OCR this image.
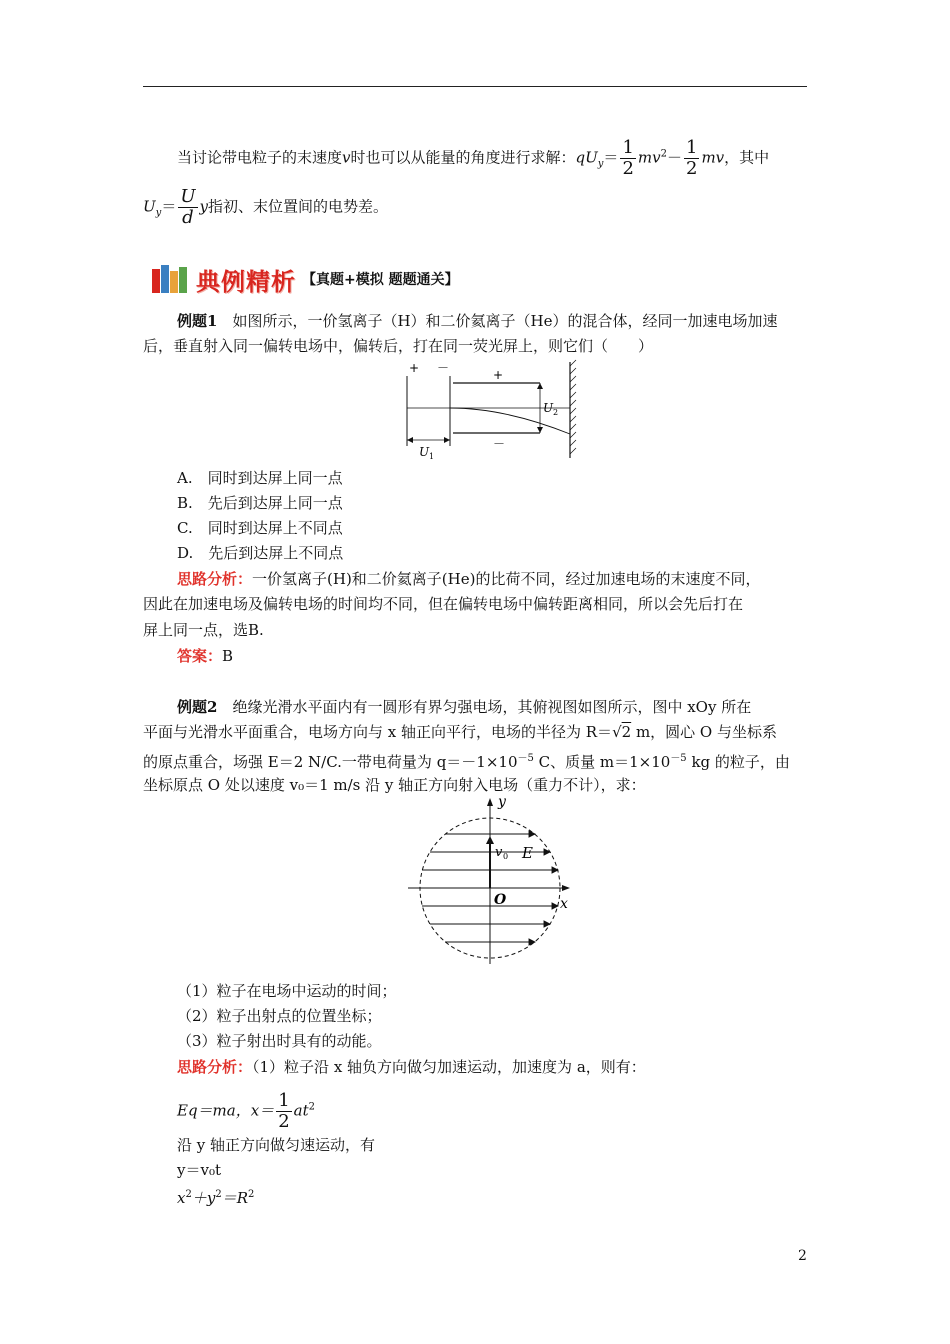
当讨论带电粒子的末速度v时也可以从能量的角度进行求解：$qU_y= \frac{1}{2} mv^2- \frac{1}{2}$ mv，其中
$U_y= \frac{U}{d}$ y指初、末位置间的电势差。
典例精析 【真题+模拟 题题通关】
例题1　 如图所示，一价氢离子（H）和二价氦离子（He）的混合体，经同一加速电场加速
后，垂直射入同一偏转电场中，偏转后，打在同一荧光屏上，则它们（　　）
+ －	+
－
U 2
U 1
A.　同时到达屏上同一点
B.　先后到达屏上同一点
C.　同时到达屏上不同点
D.　先后到达屏上不同点
思路分析：一价氢离子(H)和二价氦离子(He)的比荷不同，经过加速电场的末速度不同，
因此在加速电场及偏转电场的时间均不同，但在偏转电场中偏转距离相同，所以会先后打在
屏上同一点，选B.
答案：B
例题2　 绝缘光滑水平面内有一圆形有界匀强电场，其俯视图如图所示，图中 xOy 所在
平面与光滑水平面重合，电场方向与 x 轴正向平行，电场的半径为 R＝√2 m，圆心 O 与坐标系
的原点重合，场强 E＝2 N/C.一带电荷量为 $q=-1\times 10^{-5}$ C、质量 $m=1\times 10^{-5}$ kg 的粒子，由
坐标原点 O 处以速度 v₀＝1 m/s 沿 y 轴正方向射入电场（重力不计），求：
y
x
O
v 0 E
（1）粒子在电场中运动的时间；
（2）粒子出射点的位置坐标；
（3）粒子射出时具有的动能。
思路分析：（1）粒子沿 x 轴负方向做匀加速运动，加速度为 a，则有：
Eq＝ma，$x= \frac{1}{2} at^2$
沿 y 轴正方向做匀速运动，有
y＝v₀t
$x^2+y^2=R^2$
2
